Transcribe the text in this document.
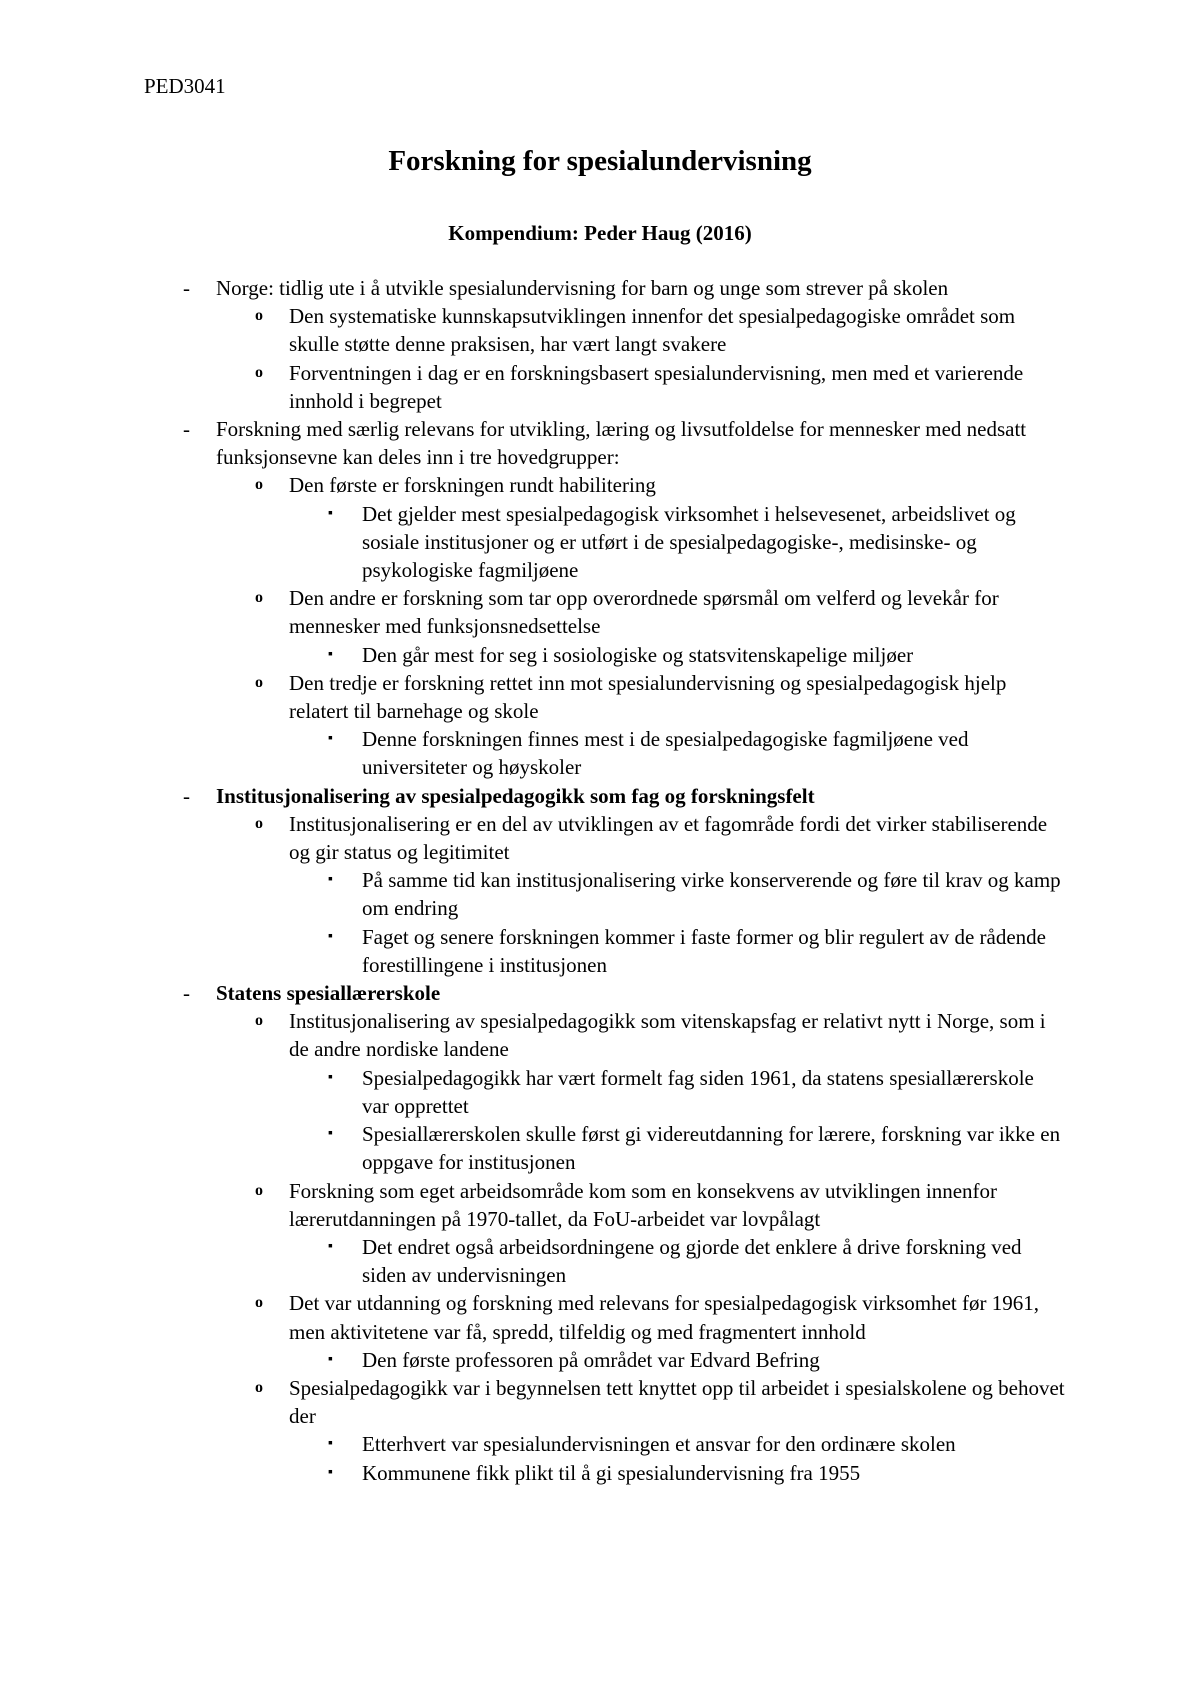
PED3041
Forskning for spesialundervisning
Kompendium: Peder Haug (2016)
- Norge: tidlig ute i å utvikle spesialundervisning for barn og unge som strever på skolen
o Den systematiske kunnskapsutviklingen innenfor det spesialpedagogiske området som skulle støtte denne praksisen, har vært langt svakere
o Forventningen i dag er en forskningsbasert spesialundervisning, men med et varierende innhold i begrepet
- Forskning med særlig relevans for utvikling, læring og livsutfoldelse for mennesker med nedsatt funksjonsevne kan deles inn i tre hovedgrupper:
o Den første er forskningen rundt habilitering
▪ Det gjelder mest spesialpedagogisk virksomhet i helsevesenet, arbeidslivet og sosiale institusjoner og er utført i de spesialpedagogiske-, medisinske- og psykologiske fagmiljøene
o Den andre er forskning som tar opp overordnede spørsmål om velferd og levekår for mennesker med funksjonsnedsettelse
▪ Den går mest for seg i sosiologiske og statsvitenskapelige miljøer
o Den tredje er forskning rettet inn mot spesialundervisning og spesialpedagogisk hjelp relatert til barnehage og skole
▪ Denne forskningen finnes mest i de spesialpedagogiske fagmiljøene ved universiteter og høyskoler
- Institusjonalisering av spesialpedagogikk som fag og forskningsfelt
o Institusjonalisering er en del av utviklingen av et fagområde fordi det virker stabiliserende og gir status og legitimitet
▪ På samme tid kan institusjonalisering virke konserverende og føre til krav og kamp om endring
▪ Faget og senere forskningen kommer i faste former og blir regulert av de rådende forestillingene i institusjonen
- Statens spesiallærerskole
o Institusjonalisering av spesialpedagogikk som vitenskapsfag er relativt nytt i Norge, som i de andre nordiske landene
▪ Spesialpedagogikk har vært formelt fag siden 1961, da statens spesiallærerskole var opprettet
▪ Spesiallærerskolen skulle først gi videreutdanning for lærere, forskning var ikke en oppgave for institusjonen
o Forskning som eget arbeidsområde kom som en konsekvens av utviklingen innenfor lærerutdanningen på 1970-tallet, da FoU-arbeidet var lovpålagt
▪ Det endret også arbeidsordningene og gjorde det enklere å drive forskning ved siden av undervisningen
o Det var utdanning og forskning med relevans for spesialpedagogisk virksomhet før 1961, men aktivitetene var få, spredd, tilfeldig og med fragmentert innhold
▪ Den første professoren på området var Edvard Befring
o Spesialpedagogikk var i begynnelsen tett knyttet opp til arbeidet i spesialskolene og behovet der
▪ Etterhvert var spesialundervisningen et ansvar for den ordinære skolen
▪ Kommunene fikk plikt til å gi spesialundervisning fra 1955
